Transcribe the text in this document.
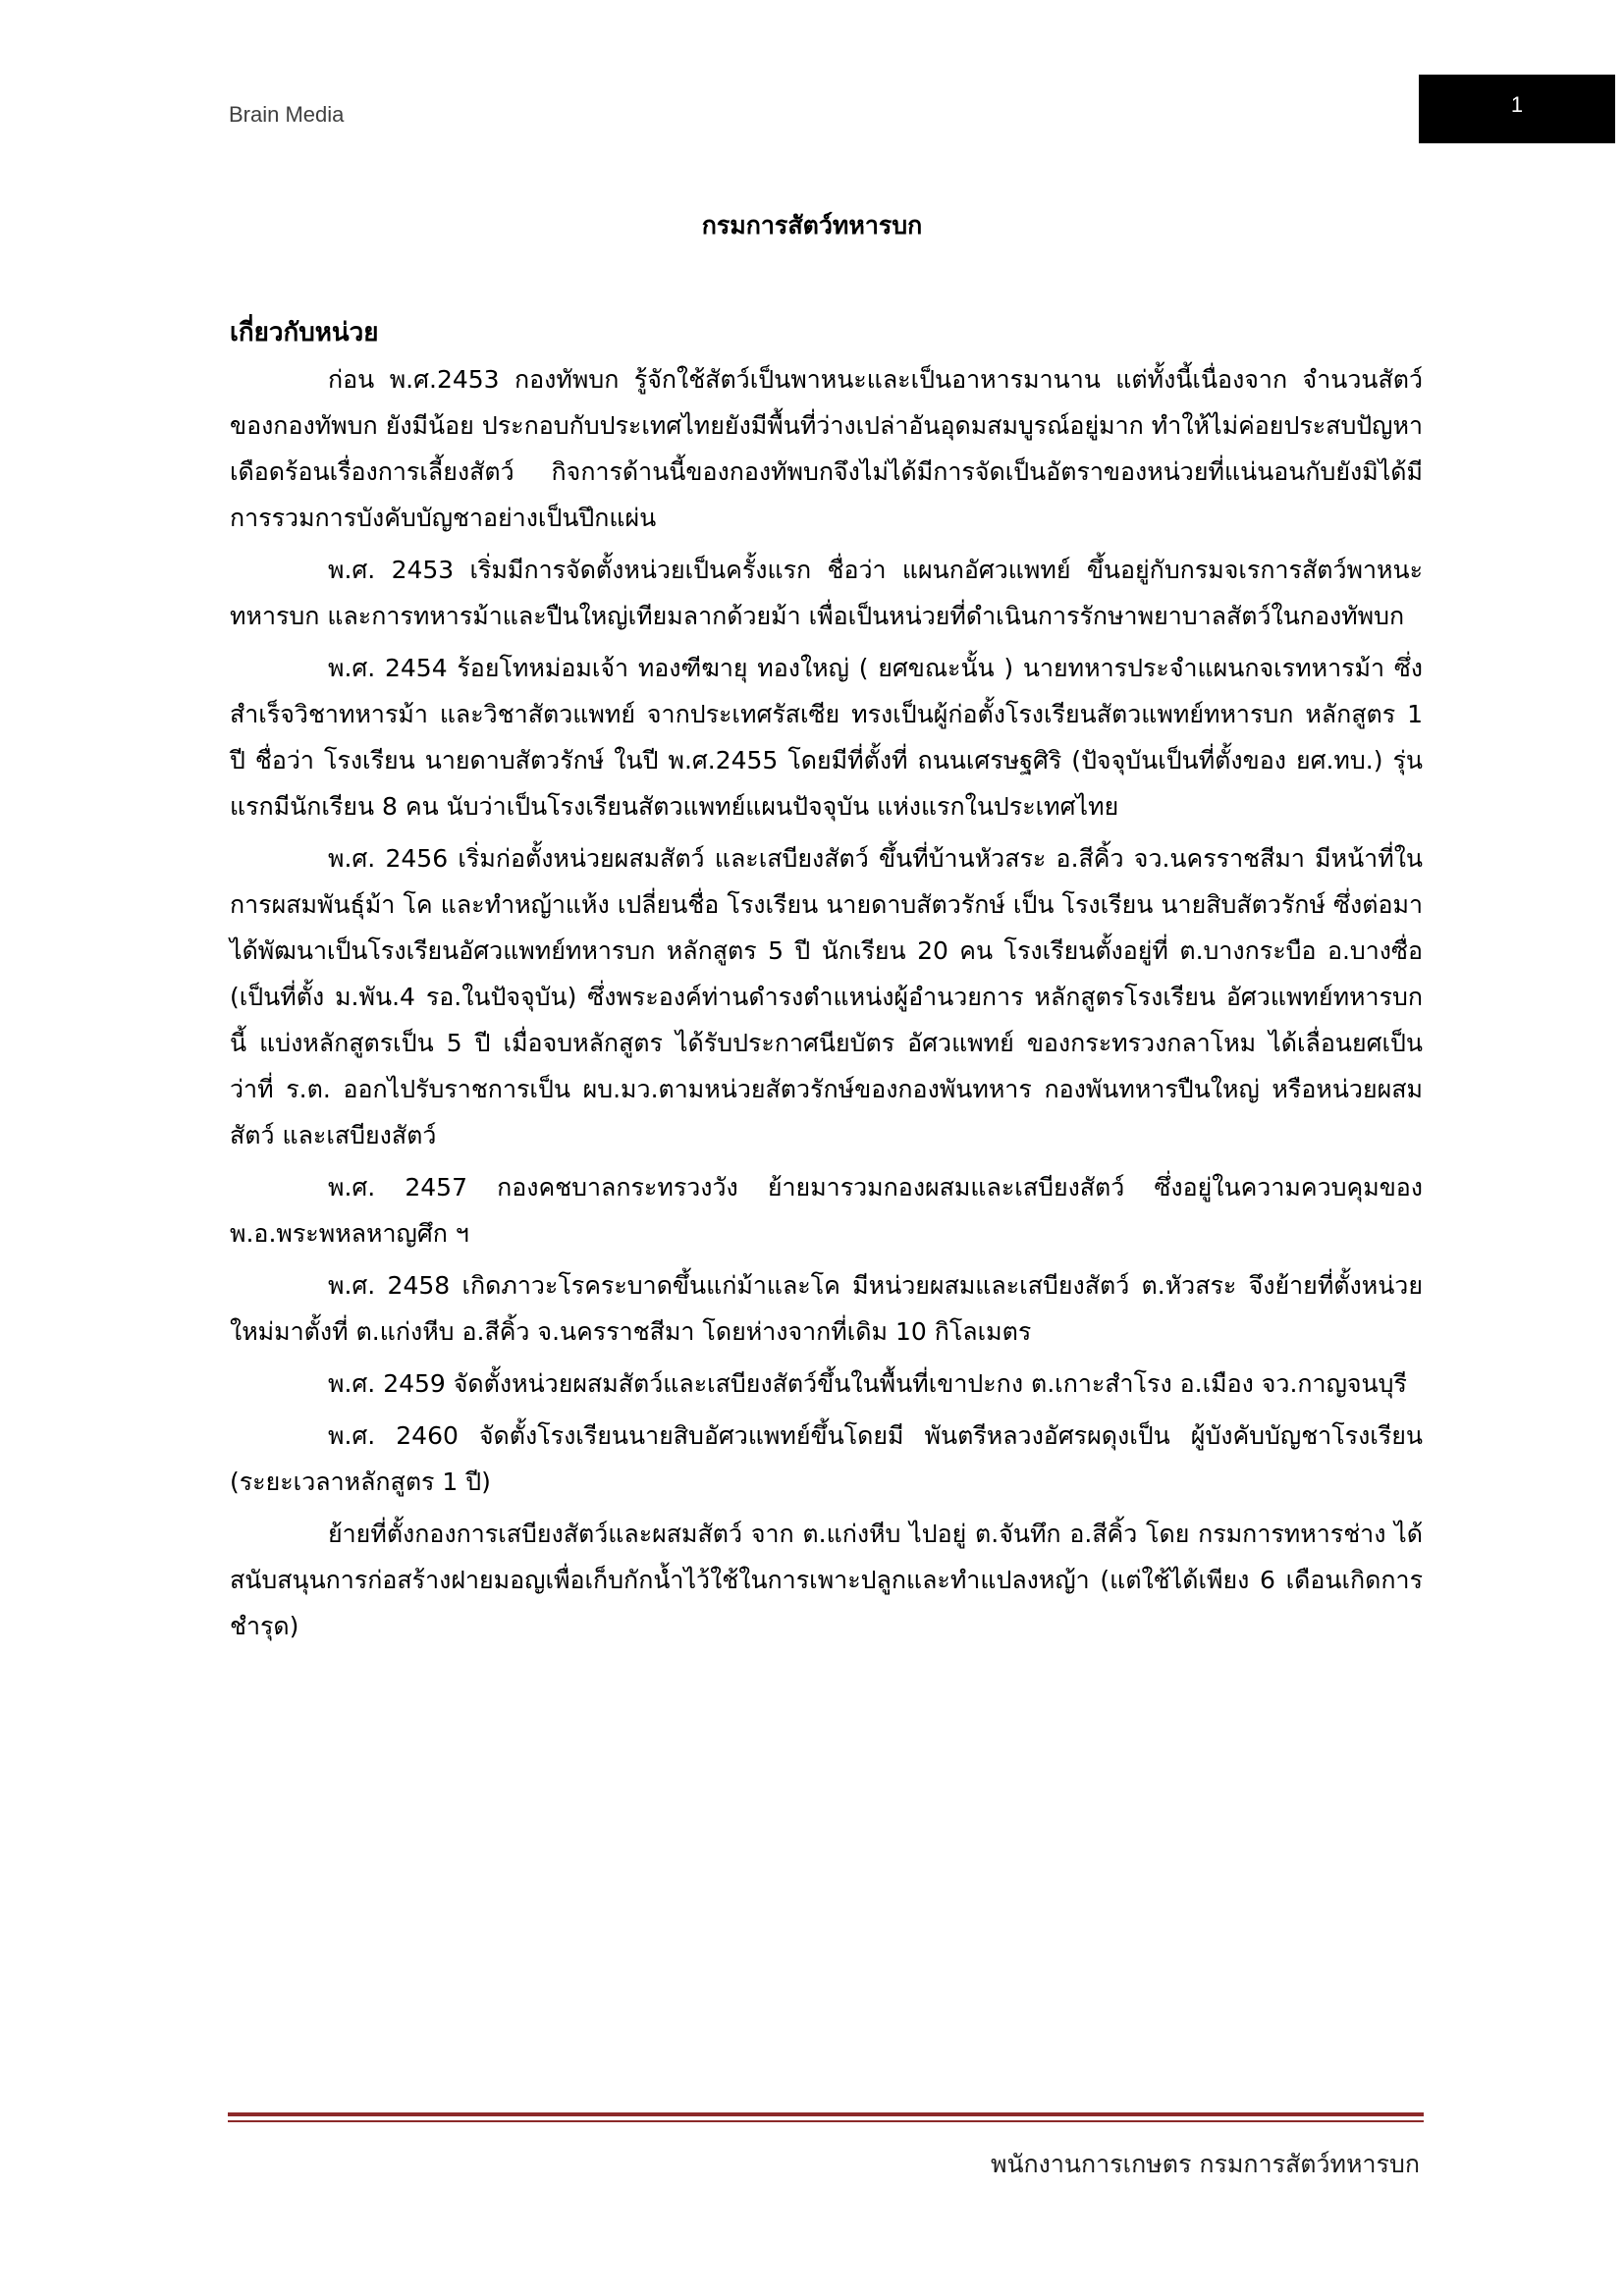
Brain Media	1
กรมการสัตว์ทหารบก
เกี่ยวกับหน่วย

ก่อน พ.ศ.2453 กองทัพบก รู้จักใช้สัตว์เป็นพาหนะและเป็นอาหารมานาน แต่ทั้งนี้เนื่องจาก จำนวนสัตว์ของกองทัพบก ยังมีน้อย ประกอบกับประเทศไทยยังมีพื้นที่ว่างเปล่าอันอุดมสมบูรณ์อยู่มาก ทำให้ไม่ค่อยประสบปัญหาเดือดร้อนเรื่องการเลี้ยงสัตว์ กิจการด้านนี้ของกองทัพบกจึงไม่ได้มีการจัดเป็นอัตราของหน่วยที่แน่นอนกับยังมิได้มีการรวมการบังคับบัญชาอย่างเป็นปึกแผ่น

พ.ศ. 2453 เริ่มมีการจัดตั้งหน่วยเป็นครั้งแรก ชื่อว่า แผนกอัศวแพทย์ ขึ้นอยู่กับกรมจเรการสัตว์พาหนะทหารบก และการทหารม้าและปืนใหญ่เทียมลากด้วยม้า เพื่อเป็นหน่วยที่ดำเนินการรักษาพยาบาลสัตว์ในกองทัพบก

พ.ศ. 2454 ร้อยโทหม่อมเจ้า ทองฑีฆายุ ทองใหญ่ ( ยศขณะนั้น ) นายทหารประจำแผนกจเรทหารม้า ซึ่งสำเร็จวิชาทหารม้า และวิชาสัตวแพทย์ จากประเทศรัสเซีย ทรงเป็นผู้ก่อตั้งโรงเรียนสัตวแพทย์ทหารบก หลักสูตร 1 ปี ชื่อว่า โรงเรียน นายดาบสัตวรักษ์ ในปี พ.ศ.2455 โดยมีที่ตั้งที่ ถนนเศรษฐศิริ (ปัจจุบันเป็นที่ตั้งของ ยศ.ทบ.) รุ่นแรกมีนักเรียน 8 คน นับว่าเป็นโรงเรียนสัตวแพทย์แผนปัจจุบัน แห่งแรกในประเทศไทย

พ.ศ. 2456 เริ่มก่อตั้งหน่วยผสมสัตว์ และเสบียงสัตว์ ขึ้นที่บ้านหัวสระ อ.สีคิ้ว จว.นครราชสีมา มีหน้าที่ในการผสมพันธุ์ม้า โค และทำหญ้าแห้ง เปลี่ยนชื่อ โรงเรียน นายดาบสัตวรักษ์ เป็น โรงเรียน นายสิบสัตวรักษ์ ซึ่งต่อมาได้พัฒนาเป็นโรงเรียนอัศวแพทย์ทหารบก หลักสูตร 5 ปี นักเรียน 20 คน โรงเรียนตั้งอยู่ที่ ต.บางกระบือ อ.บางซื่อ (เป็นที่ตั้ง ม.พัน.4 รอ.ในปัจจุบัน) ซึ่งพระองค์ท่านดำรงตำแหน่งผู้อำนวยการ หลักสูตรโรงเรียน อัศวแพทย์ทหารบกนี้ แบ่งหลักสูตรเป็น 5 ปี เมื่อจบหลักสูตร ได้รับประกาศนียบัตร อัศวแพทย์ ของกระทรวงกลาโหม ได้เลื่อนยศเป็นว่าที่ ร.ต. ออกไปรับราชการเป็น ผบ.มว.ตามหน่วยสัตวรักษ์ของกองพันทหาร กองพันทหารปืนใหญ่ หรือหน่วยผสมสัตว์ และเสบียงสัตว์

พ.ศ. 2457 กองคชบาลกระทรวงวัง ย้ายมารวมกองผสมและเสบียงสัตว์ ซึ่งอยู่ในความควบคุมของ พ.อ.พระพหลหาญศึก ฯ

พ.ศ. 2458 เกิดภาวะโรคระบาดขึ้นแก่ม้าและโค มีหน่วยผสมและเสบียงสัตว์ ต.หัวสระ จึงย้ายที่ตั้งหน่วยใหม่มาตั้งที่ ต.แก่งหีบ อ.สีคิ้ว จ.นครราชสีมา โดยห่างจากที่เดิม 10 กิโลเมตร

พ.ศ. 2459 จัดตั้งหน่วยผสมสัตว์และเสบียงสัตว์ขึ้นในพื้นที่เขาปะกง ต.เกาะสำโรง อ.เมือง จว.กาญจนบุรี

พ.ศ. 2460 จัดตั้งโรงเรียนนายสิบอัศวแพทย์ขึ้นโดยมี พันตรีหลวงอัศรผดุงเป็น ผู้บังคับบัญชาโรงเรียน (ระยะเวลาหลักสูตร 1 ปี)

ย้ายที่ตั้งกองการเสบียงสัตว์และผสมสัตว์ จาก ต.แก่งหีบ ไปอยู่ ต.จันทึก อ.สีคิ้ว โดย กรมการทหารช่าง ได้สนับสนุนการก่อสร้างฝายมอญเพื่อเก็บกักน้ำไว้ใช้ในการเพาะปลูกและทำแปลงหญ้า (แต่ใช้ได้เพียง 6 เดือนเกิดการชำรุด)

พนักงานการเกษตร กรมการสัตว์ทหารบก
